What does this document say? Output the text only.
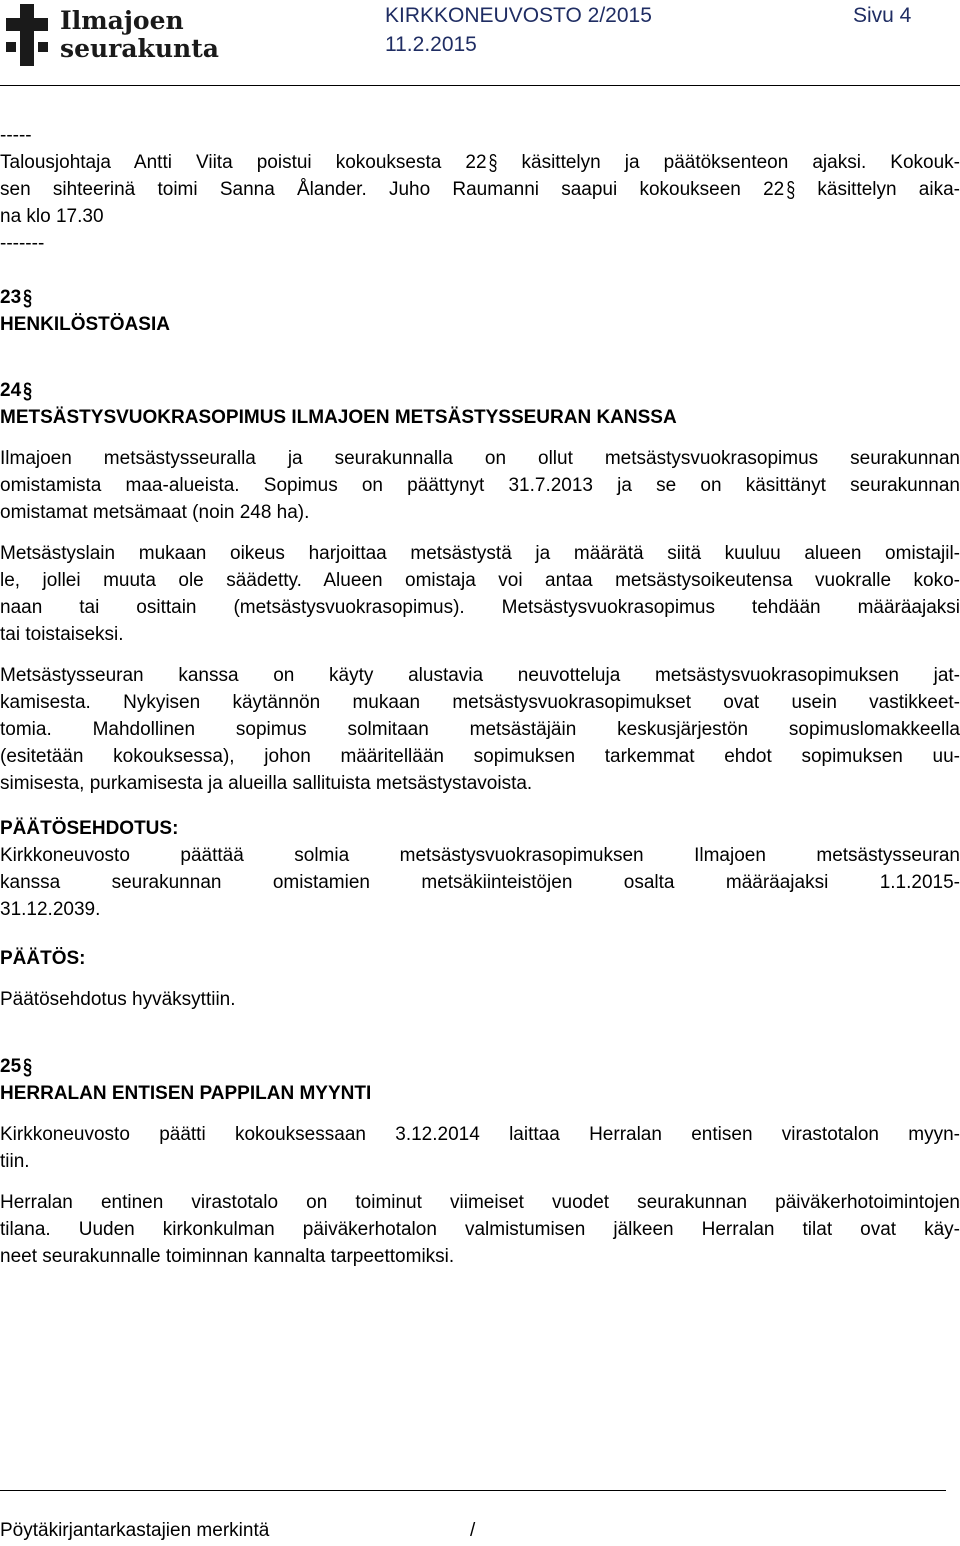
Ilmajoen
seurakunta
KIRKKONEUVOSTO 2/2015
11.2.2015
Sivu 4
-----
Talousjohtaja Antti Viita poistui kokouksesta 22 § käsittelyn ja päätöksenteon ajaksi. Kokouk-
sen sihteerinä toimi Sanna Ålander. Juho Raumanni saapui kokoukseen 22 § käsittelyn aika-
na klo 17.30
-------
23 §
HENKILÖSTÖASIA
24 §
METSÄSTYSVUOKRASOPIMUS ILMAJOEN METSÄSTYSSEURAN KANSSA
Ilmajoen metsästysseuralla ja seurakunnalla on ollut metsästysvuokrasopimus seurakunnan
omistamista maa-alueista. Sopimus on päättynyt 31.7.2013 ja se on käsittänyt seurakunnan
omistamat metsämaat (noin 248 ha).
Metsästyslain mukaan oikeus harjoittaa metsästystä ja määrätä siitä kuuluu alueen omistajil-
le, jollei muuta ole säädetty. Alueen omistaja voi antaa metsästysoikeutensa vuokralle koko-
naan tai osittain (metsästysvuokrasopimus). Metsästysvuokrasopimus tehdään määräajaksi
tai toistaiseksi.
Metsästysseuran kanssa on käyty alustavia neuvotteluja metsästysvuokrasopimuksen jat-
kamisesta. Nykyisen käytännön mukaan metsästysvuokrasopimukset ovat usein vastikkeet-
tomia. Mahdollinen sopimus solmitaan metsästäjäin keskusjärjestön sopimuslomakkeella
(esitetään kokouksessa), johon määritellään sopimuksen tarkemmat ehdot sopimuksen uu-
simisesta, purkamisesta ja alueilla sallituista metsästystavoista.
PÄÄTÖSEHDOTUS:
Kirkkoneuvosto päättää solmia metsästysvuokrasopimuksen Ilmajoen metsästysseuran
kanssa seurakunnan omistamien metsäkiinteistöjen osalta määräajaksi 1.1.2015-
31.12.2039.
PÄÄTÖS:
Päätösehdotus hyväksyttiin.
25 §
HERRALAN ENTISEN PAPPILAN MYYNTI
Kirkkoneuvosto päätti kokouksessaan 3.12.2014 laittaa Herralan entisen virastotalon myyn-
tiin.
Herralan entinen virastotalo on toiminut viimeiset vuodet seurakunnan päiväkerhotoimintojen
tilana. Uuden kirkonkulman päiväkerhotalon valmistumisen jälkeen Herralan tilat ovat käy-
neet seurakunnalle toiminnan kannalta tarpeettomiksi.
Pöytäkirjantarkastajien merkintä	/
